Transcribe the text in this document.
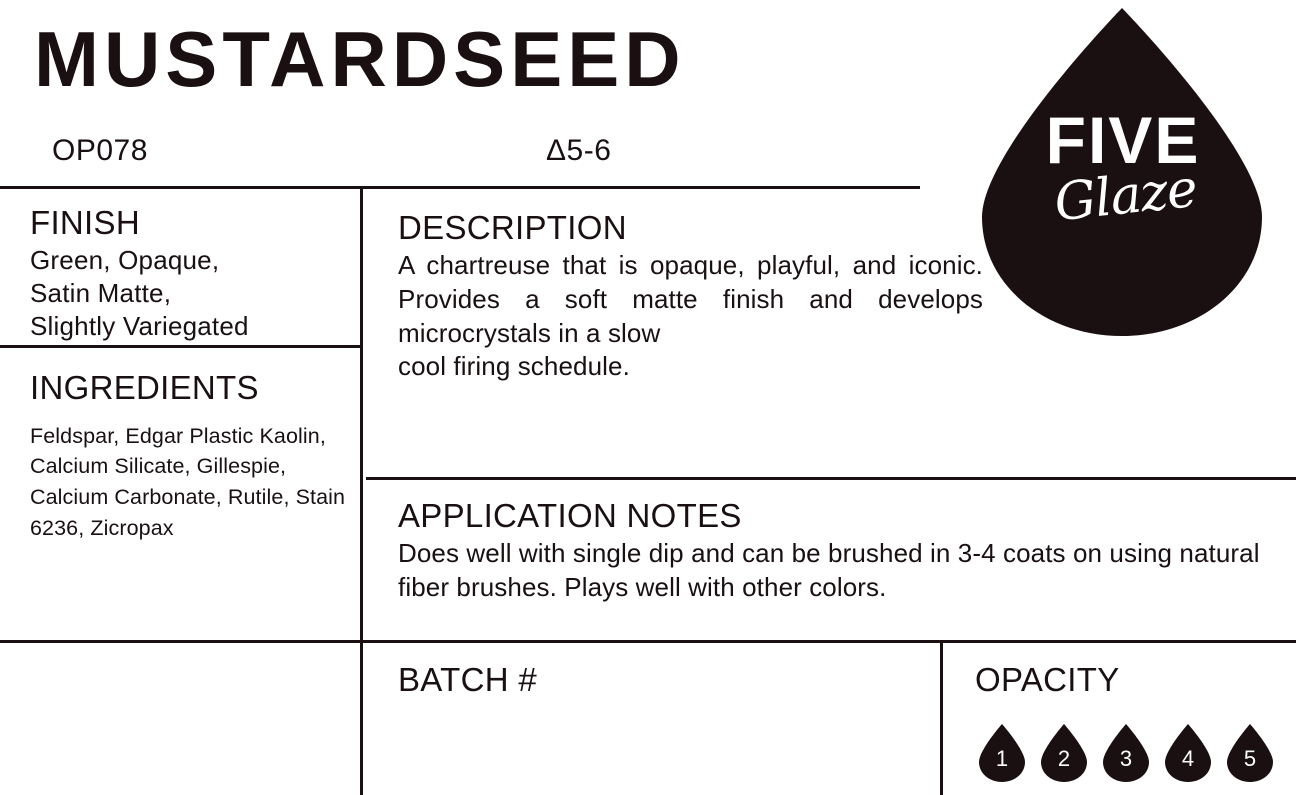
MUSTARDSEED
OP078	Δ5-6
FINISH
Green, Opaque,
Satin Matte,
Slightly Variegated
INGREDIENTS
Feldspar, Edgar Plastic Kaolin, Calcium Silicate, Gillespie, Calcium Carbonate, Rutile, Stain 6236, Zicropax
DESCRIPTION
A chartreuse that is opaque, playful, and iconic. Provides a soft matte finish and develops microcrystals in a slow
cool firing schedule.
APPLICATION NOTES
Does well with single dip and can be brushed in 3-4 coats on using natural fiber brushes. Plays well with other colors.
BATCH #	OPACITY
1	2	3	4	5
FIVE
Glaze
